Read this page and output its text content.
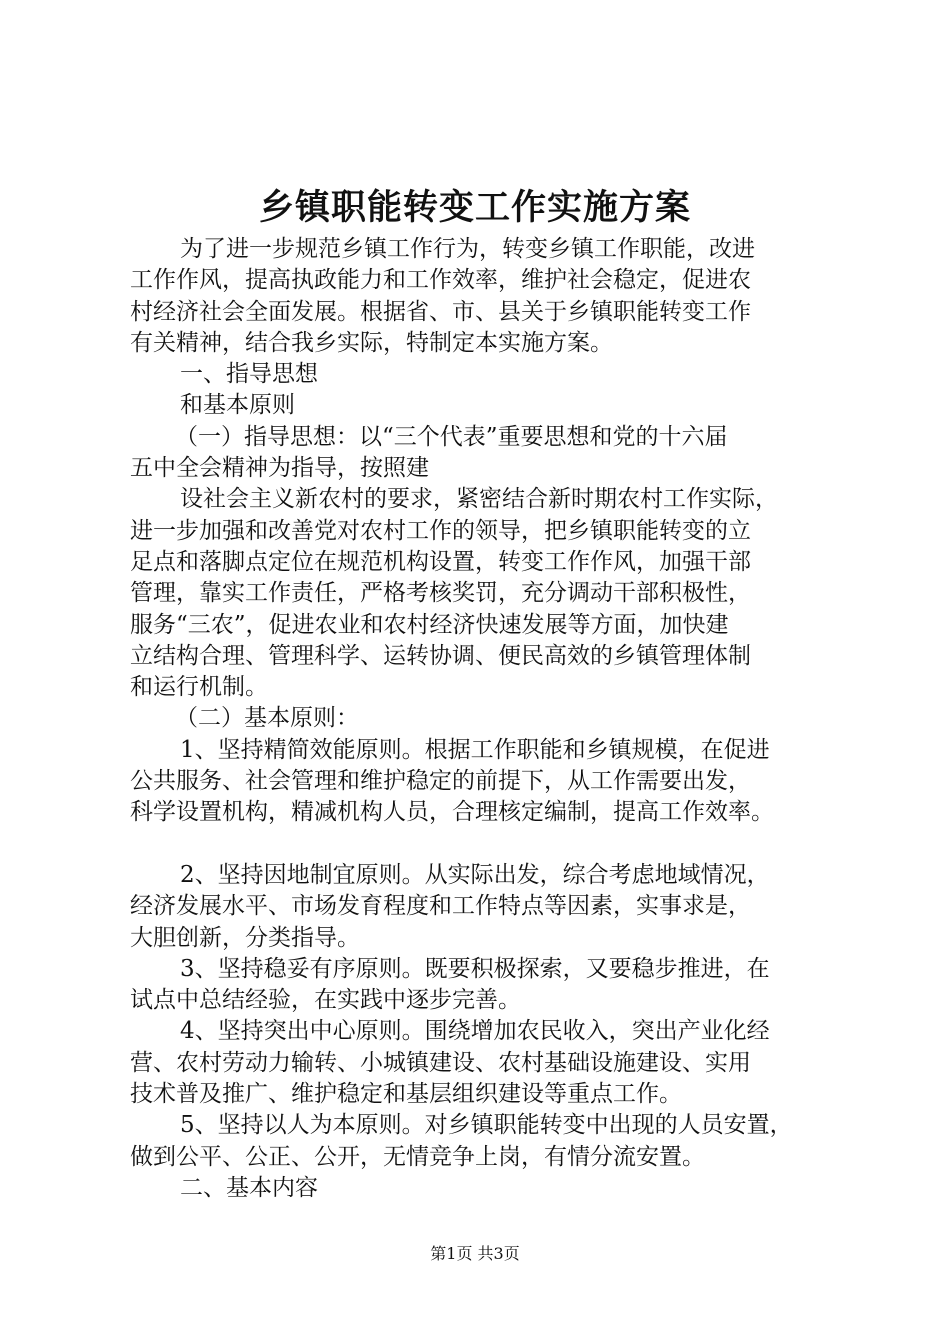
乡镇职能转变工作实施方案
为了进一步规范乡镇工作行为，转变乡镇工作职能，改进
工作作风，提高执政能力和工作效率，维护社会稳定，促进农
村经济社会全面发展。根据省、市、县关于乡镇职能转变工作
有关精神，结合我乡实际，特制定本实施方案。
一、指导思想
和基本原则
（一）指导思想：以“三个代表”重要思想和党的十六届
五中全会精神为指导，按照建
设社会主义新农村的要求，紧密结合新时期农村工作实际，
进一步加强和改善党对农村工作的领导，把乡镇职能转变的立
足点和落脚点定位在规范机构设置，转变工作作风，加强干部
管理，靠实工作责任，严格考核奖罚，充分调动干部积极性，
服务“三农”，促进农业和农村经济快速发展等方面，加快建
立结构合理、管理科学、运转协调、便民高效的乡镇管理体制
和运行机制。
（二）基本原则：
1、坚持精简效能原则。根据工作职能和乡镇规模，在促进
公共服务、社会管理和维护稳定的前提下，从工作需要出发，
科学设置机构，精减机构人员，合理核定编制，提高工作效率。
2、坚持因地制宜原则。从实际出发，综合考虑地域情况，
经济发展水平、市场发育程度和工作特点等因素，实事求是，
大胆创新，分类指导。
3、坚持稳妥有序原则。既要积极探索，又要稳步推进，在
试点中总结经验，在实践中逐步完善。
4、坚持突出中心原则。围绕增加农民收入，突出产业化经
营、农村劳动力输转、小城镇建设、农村基础设施建设、实用
技术普及推广、维护稳定和基层组织建设等重点工作。
5、坚持以人为本原则。对乡镇职能转变中出现的人员安置，
做到公平、公正、公开，无情竞争上岗，有情分流安置。
二、基本内容
第1页 共3页
